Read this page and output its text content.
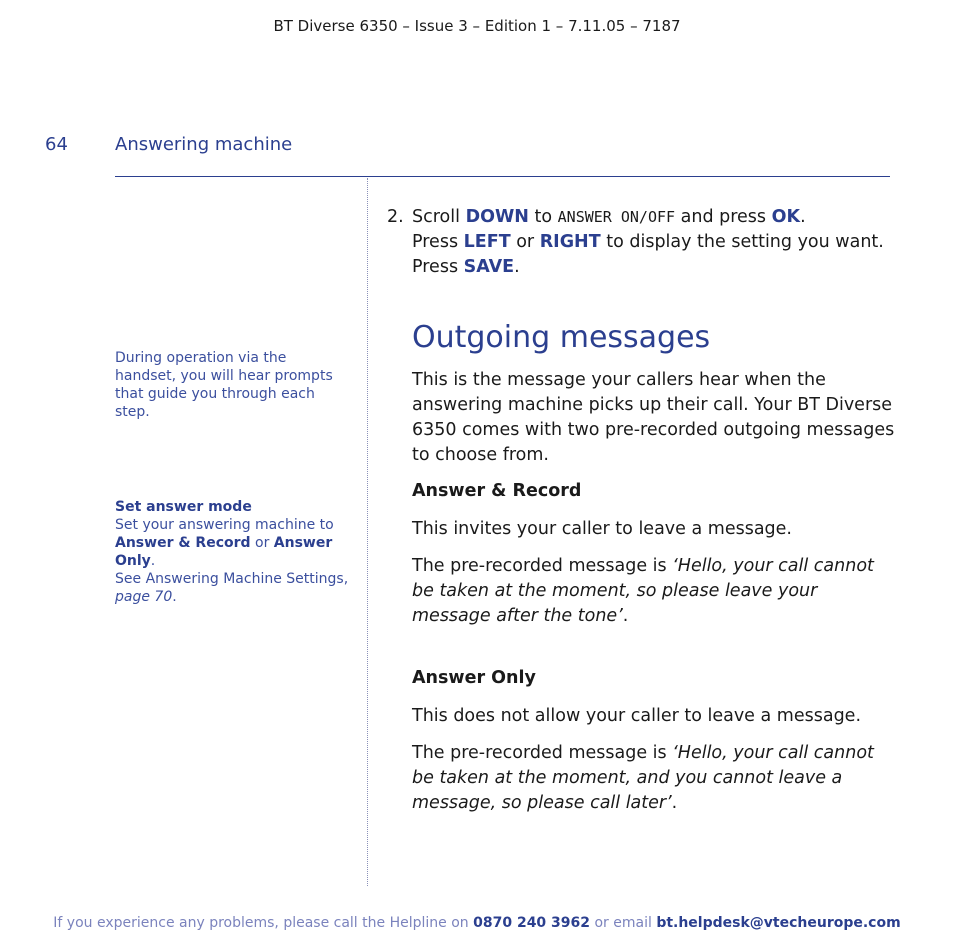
BT Diverse 6350 – Issue 3 – Edition 1 – 7.11.05 – 7187
64	Answering machine
During operation via the handset, you will hear prompts that guide you through each step.
Set answer mode
Set your answering machine to
Answer & Record or Answer Only.
See Answering Machine Settings,
page 70.
2. Scroll DOWN to ANSWER ON/OFF and press OK.
Press LEFT or RIGHT to display the setting you want.
Press SAVE.
Outgoing messages
This is the message your callers hear when the answering machine picks up their call. Your BT Diverse 6350 comes with two pre-recorded outgoing messages to choose from.
Answer & Record
This invites your caller to leave a message.
The pre-recorded message is ‘Hello, your call cannot be taken at the moment, so please leave your message after the tone’.
Answer Only
This does not allow your caller to leave a message.
The pre-recorded message is ‘Hello, your call cannot be taken at the moment, and you cannot leave a message, so please call later’.
If you experience any problems, please call the Helpline on 0870 240 3962 or email bt.helpdesk@vtecheurope.com
